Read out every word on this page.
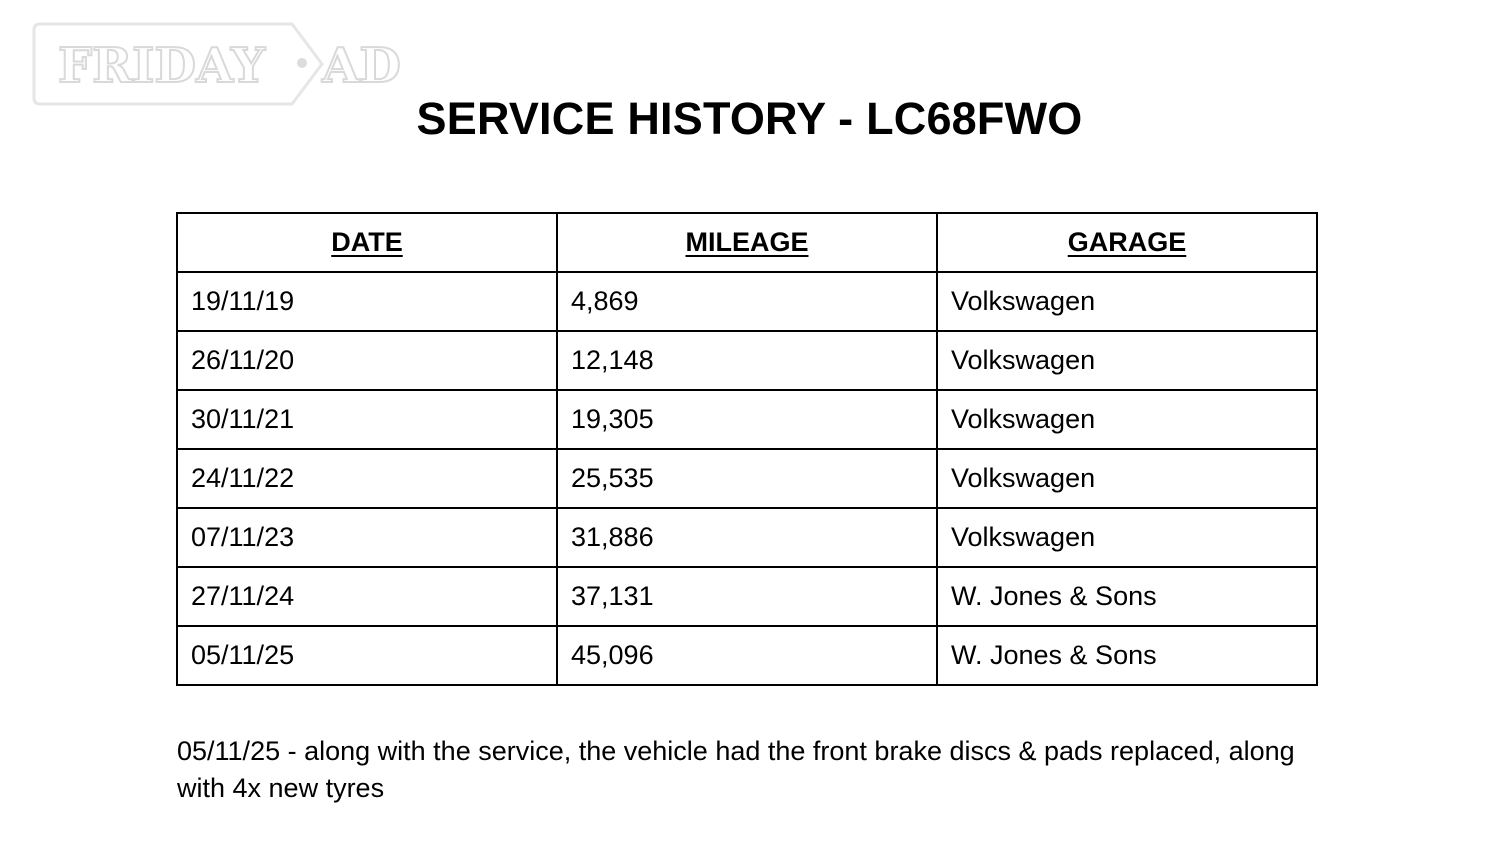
FRIDAY AD
SERVICE HISTORY - LC68FWO
DATE	MILEAGE	GARAGE
19/11/19	4,869	Volkswagen
26/11/20	12,148	Volkswagen
30/11/21	19,305	Volkswagen
24/11/22	25,535	Volkswagen
07/11/23	31,886	Volkswagen
27/11/24	37,131	W. Jones & Sons
05/11/25	45,096	W. Jones & Sons

05/11/25 - along with the service, the vehicle had the front brake discs & pads replaced, along with 4x new tyres
